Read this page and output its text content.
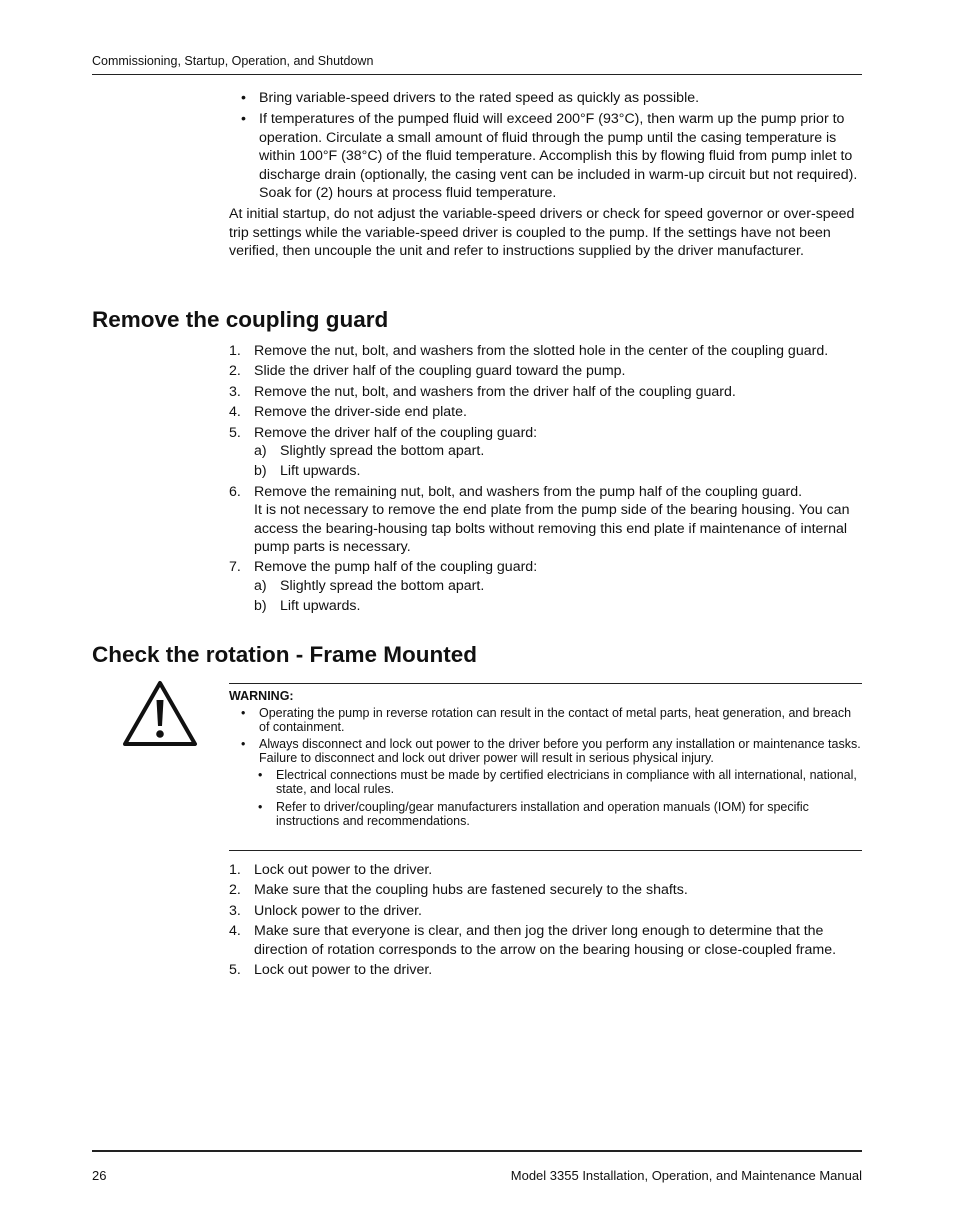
Commissioning, Startup, Operation, and Shutdown
• Bring variable-speed drivers to the rated speed as quickly as possible.
• If temperatures of the pumped fluid will exceed 200°F (93°C), then warm up the pump prior to operation. Circulate a small amount of fluid through the pump until the casing temperature is within 100°F (38°C) of the fluid temperature. Accomplish this by flowing fluid from pump inlet to discharge drain (optionally, the casing vent can be included in warm-up circuit but not required). Soak for (2) hours at process fluid temperature.

At initial startup, do not adjust the variable-speed drivers or check for speed governor or over-speed trip settings while the variable-speed driver is coupled to the pump. If the settings have not been verified, then uncouple the unit and refer to instructions supplied by the driver manufacturer.

Remove the coupling guard
1. Remove the nut, bolt, and washers from the slotted hole in the center of the coupling guard.
2. Slide the driver half of the coupling guard toward the pump.
3. Remove the nut, bolt, and washers from the driver half of the coupling guard.
4. Remove the driver-side end plate.
5. Remove the driver half of the coupling guard:
a) Slightly spread the bottom apart.
b) Lift upwards.
6. Remove the remaining nut, bolt, and washers from the pump half of the coupling guard.

It is not necessary to remove the end plate from the pump side of the bearing housing. You can access the bearing-housing tap bolts without removing this end plate if maintenance of internal pump parts is necessary.

7. Remove the pump half of the coupling guard:
a) Slightly spread the bottom apart.
b) Lift upwards.
Check the rotation - Frame Mounted
WARNING:
• Operating the pump in reverse rotation can result in the contact of metal parts, heat generation, and breach of containment.
• Always disconnect and lock out power to the driver before you perform any installation or maintenance tasks. Failure to disconnect and lock out driver power will result in serious physical injury.
• Electrical connections must be made by certified electricians in compliance with all international, national, state, and local rules.
• Refer to driver/coupling/gear manufacturers installation and operation manuals (IOM) for specific instructions and recommendations.
1. Lock out power to the driver.
2. Make sure that the coupling hubs are fastened securely to the shafts.
3. Unlock power to the driver.
4. Make sure that everyone is clear, and then jog the driver long enough to determine that the direction of rotation corresponds to the arrow on the bearing housing or close-coupled frame.
5. Lock out power to the driver.
26	Model 3355 Installation, Operation, and Maintenance Manual
